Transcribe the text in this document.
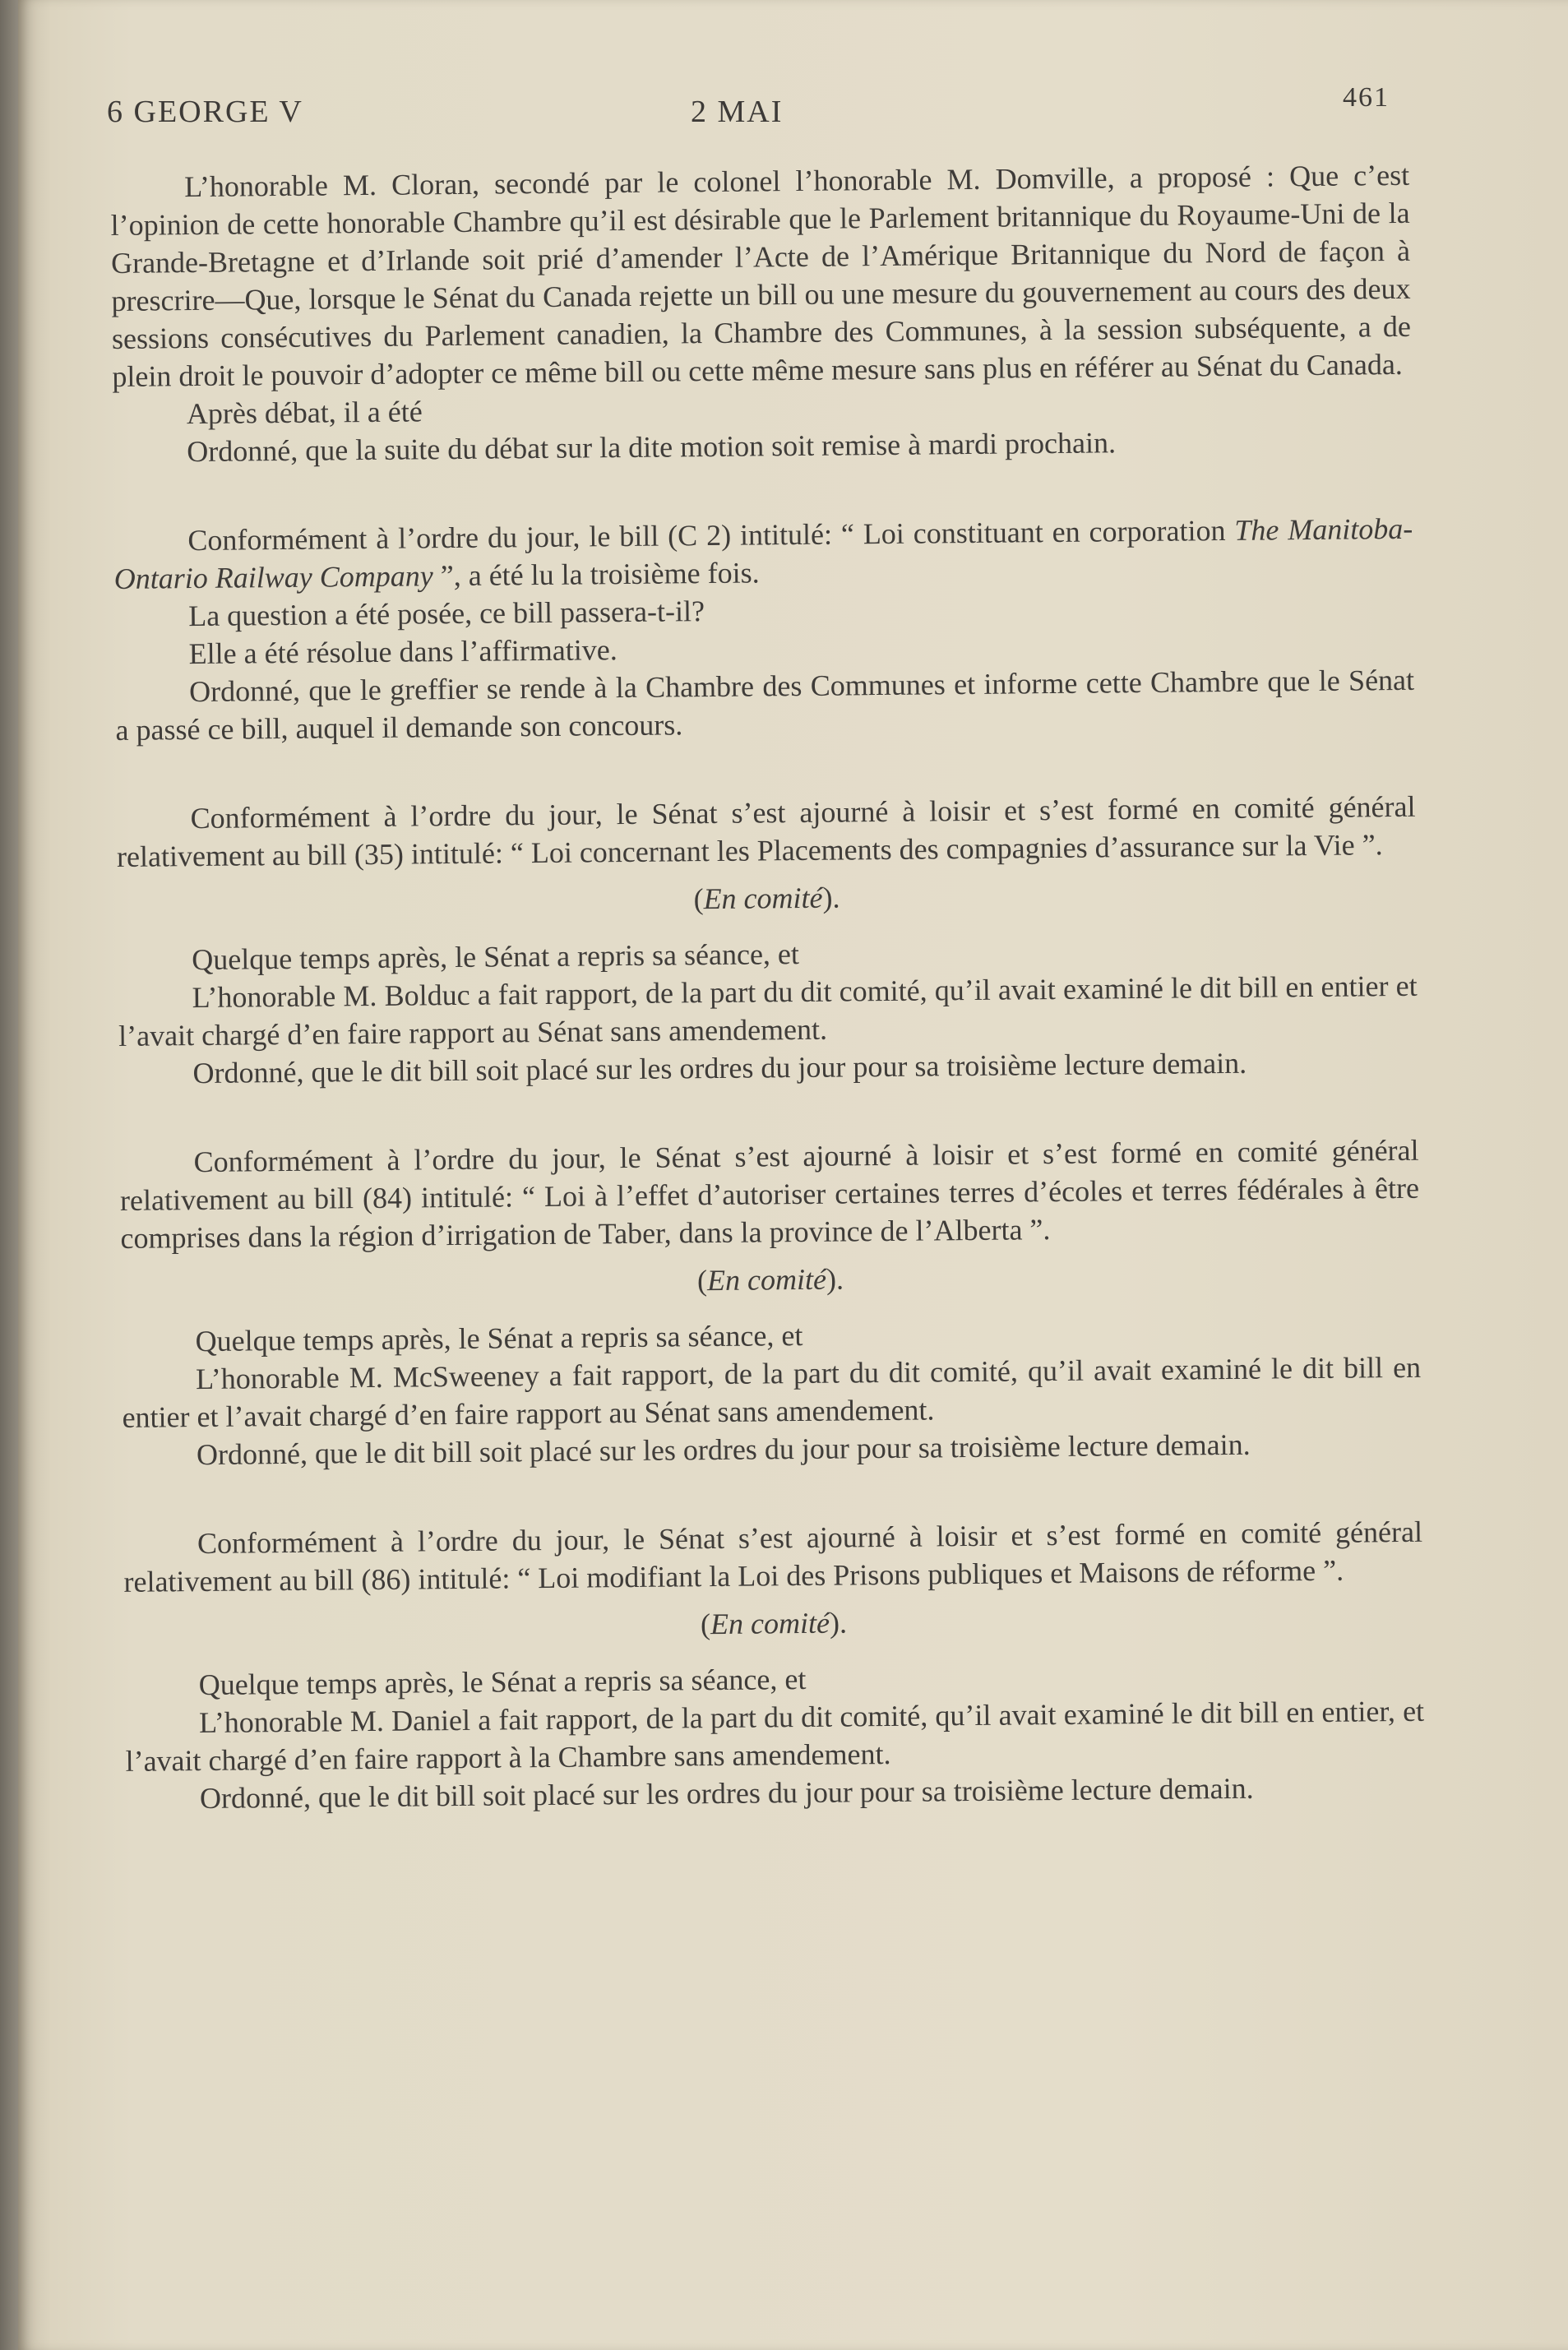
6 GEORGE V	2 MAI	461

L’honorable M. Cloran, secondé par le colonel l’honorable M. Domville, a proposé : Que c’est l’opinion de cette honorable Chambre qu’il est désirable que le Parlement britannique du Royaume-Uni de la Grande-Bretagne et d’Irlande soit prié d’amender l’Acte de l’Amérique Britannique du Nord de façon à prescrire—Que, lorsque le Sénat du Canada rejette un bill ou une mesure du gouvernement au cours des deux sessions consécutives du Parlement canadien, la Chambre des Communes, à la session subséquente, a de plein droit le pouvoir d’adopter ce même bill ou cette même mesure sans plus en référer au Sénat du Canada.

Après débat, il a été

Ordonné, que la suite du débat sur la dite motion soit remise à mardi prochain.

Conformément à l’ordre du jour, le bill (C 2) intitulé: “ Loi constituant en corporation The Manitoba-Ontario Railway Company ”, a été lu la troisième fois.

La question a été posée, ce bill passera-t-il?

Elle a été résolue dans l’affirmative.

Ordonné, que le greffier se rende à la Chambre des Communes et informe cette Chambre que le Sénat a passé ce bill, auquel il demande son concours.

Conformément à l’ordre du jour, le Sénat s’est ajourné à loisir et s’est formé en comité général relativement au bill (35) intitulé: “ Loi concernant les Placements des compagnies d’assurance sur la Vie ”.

(En comité).

Quelque temps après, le Sénat a repris sa séance, et

L’honorable M. Bolduc a fait rapport, de la part du dit comité, qu’il avait examiné le dit bill en entier et l’avait chargé d’en faire rapport au Sénat sans amendement.

Ordonné, que le dit bill soit placé sur les ordres du jour pour sa troisième lecture demain.

Conformément à l’ordre du jour, le Sénat s’est ajourné à loisir et s’est formé en comité général relativement au bill (84) intitulé: “ Loi à l’effet d’autoriser certaines terres d’écoles et terres fédérales à être comprises dans la région d’irrigation de Taber, dans la province de l’Alberta ”.

(En comité).

Quelque temps après, le Sénat a repris sa séance, et

L’honorable M. McSweeney a fait rapport, de la part du dit comité, qu’il avait examiné le dit bill en entier et l’avait chargé d’en faire rapport au Sénat sans amendement.

Ordonné, que le dit bill soit placé sur les ordres du jour pour sa troisième lecture demain.

Conformément à l’ordre du jour, le Sénat s’est ajourné à loisir et s’est formé en comité général relativement au bill (86) intitulé: “ Loi modifiant la Loi des Prisons publiques et Maisons de réforme ”.

(En comité).

Quelque temps après, le Sénat a repris sa séance, et

L’honorable M. Daniel a fait rapport, de la part du dit comité, qu’il avait examiné le dit bill en entier, et l’avait chargé d’en faire rapport à la Chambre sans amendement.

Ordonné, que le dit bill soit placé sur les ordres du jour pour sa troisième lecture demain.
